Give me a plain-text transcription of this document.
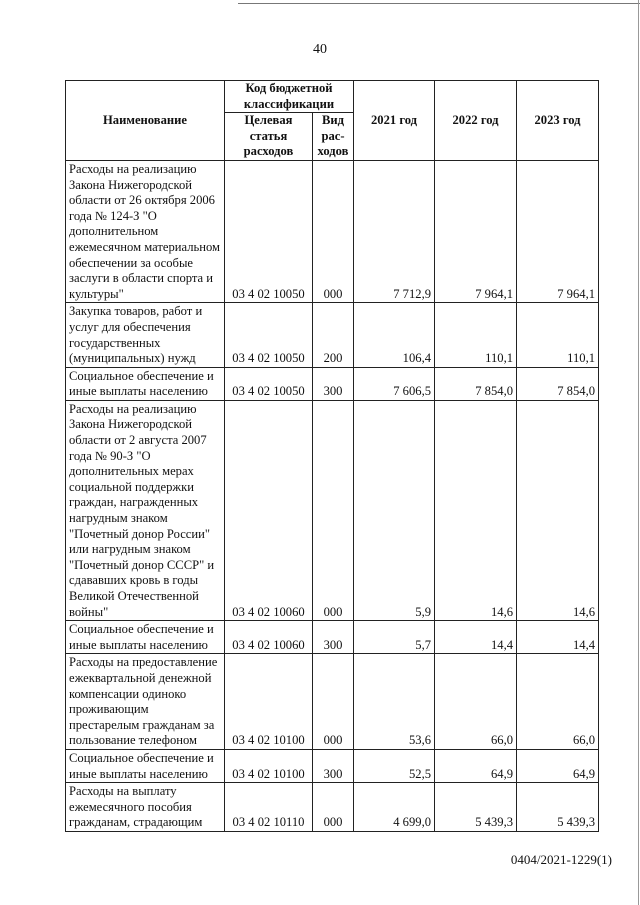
40
Наименование	Код бюджетной классификации		2021 год	2022 год	2023 год
	Целевая статья расходов	Вид рас-ходов			

Расходы на реализацию Закона Нижегородской области от 26 октября 2006 года № 124-З "О дополнительном ежемесячном материальном обеспечении за особые заслуги в области спорта и культуры"	03 4 02 10050	000	7 712,9	7 964,1	7 964,1

Закупка товаров, работ и услуг для обеспечения государственных (муниципальных) нужд	03 4 02 10050	200	106,4	110,1	110,1

Социальное обеспечение и иные выплаты населению	03 4 02 10050	300	7 606,5	7 854,0	7 854,0

Расходы на реализацию Закона Нижегородской области от 2 августа 2007 года № 90-З "О дополнительных мерах социальной поддержки граждан, награжденных нагрудным знаком "Почетный донор России" или нагрудным знаком "Почетный донор СССР" и сдававших кровь в годы Великой Отечественной войны"	03 4 02 10060	000	5,9	14,6	14,6

Социальное обеспечение и иные выплаты населению	03 4 02 10060	300	5,7	14,4	14,4

Расходы на предоставление ежеквартальной денежной компенсации одиноко проживающим престарелым гражданам за пользование телефоном	03 4 02 10100	000	53,6	66,0	66,0

Социальное обеспечение и иные выплаты населению	03 4 02 10100	300	52,5	64,9	64,9

Расходы на выплату ежемесячного пособия гражданам, страдающим	03 4 02 10110	000	4 699,0	5 439,3	5 439,3
0404/2021-1229(1)
